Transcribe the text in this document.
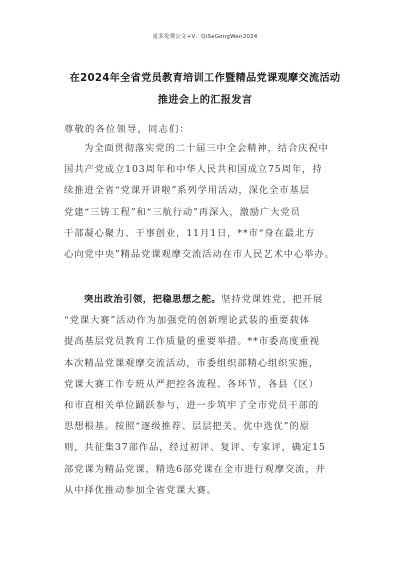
更多免费公文+V：QiSeGongWen2024
在2024年全省党员教育培训工作暨精品党课观摩交流活动
推进会上的汇报发言
尊敬的各位领导，同志们：
为全面贯彻落实党的二十届三中全会精神，结合庆祝中
国共产党成立103周年和中华人民共和国成立75周年，持
续推进全省“党课开讲啦”系列学用活动，深化全市基层
党建“三铸工程”和“三航行动”再深入，激励广大党员
干部凝心聚力、干事创业，11月1日，**市“身在最北方
心向党中央”精品党课观摩交流活动在市人民艺术中心举办。
突出政治引领，把稳思想之舵。坚持党课姓党，把开展
“党课大赛”活动作为加强党的创新理论武装的重要载体
提高基层党员教育工作质量的重要举措。**市委高度重视
本次精品党课观摩交流活动，市委组织部精心组织实施，
党课大赛工作专班从严把控各流程、各环节，各县（区）
和市直相关单位踊跃参与，进一步筑牢了全市党员干部的
思想根基。按照“逐级推荐、层层把关、优中选优”的原
则，共征集37部作品，经过初评、复评、专家评，确定15
部党课为精品党课，精选6部党课在全市进行观摩交流，并
从中择优推动参加全省党课大赛。
